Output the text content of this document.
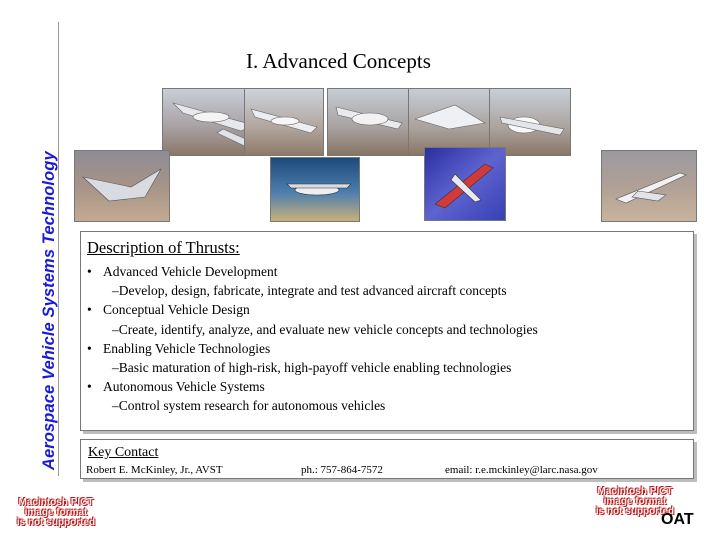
Aerospace Vehicle Systems Technology
I. Advanced Concepts
Description of Thrusts:
• Advanced Vehicle Development
– Develop, design, fabricate, integrate and test advanced aircraft concepts
• Conceptual Vehicle Design
– Create, identify, analyze, and evaluate new vehicle concepts and technologies
• Enabling Vehicle Technologies
– Basic maturation of high-risk, high-payoff vehicle enabling technologies
• Autonomous Vehicle Systems
– Control system research for autonomous vehicles
Key Contact
Robert E. McKinley, Jr., AVST	ph.: 757-864-7572	email: r.e.mckinley@larc.nasa.gov
Macintosh PICT
image format
is not supported
Macintosh PICT
image format
is not supported
OAT
